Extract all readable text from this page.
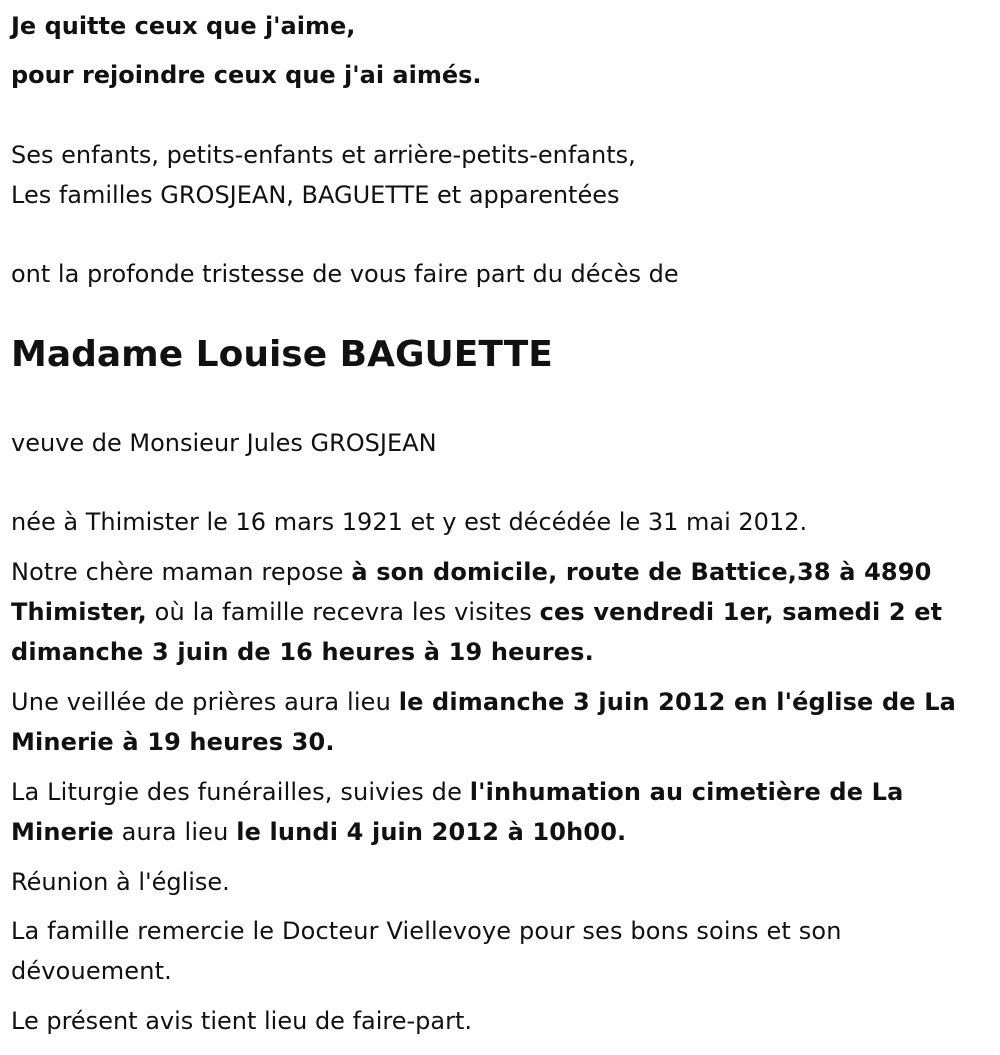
Je quitte ceux que j'aime,
pour rejoindre ceux que j'ai aimés.
Ses enfants, petits-enfants et arrière-petits-enfants,
Les familles GROSJEAN, BAGUETTE et apparentées
ont la profonde tristesse de vous faire part du décès de
Madame Louise BAGUETTE
veuve de Monsieur Jules GROSJEAN
née à Thimister le 16 mars 1921 et y est décédée le 31 mai 2012.
Notre chère maman repose à son domicile, route de Battice,38 à 4890 Thimister, où la famille recevra les visites ces vendredi 1er, samedi 2 et dimanche 3 juin de 16 heures à 19 heures.
Une veillée de prières aura lieu le dimanche 3 juin 2012 en l'église de La Minerie à 19 heures 30.
La Liturgie des funérailles, suivies de l'inhumation au cimetière de La Minerie aura lieu le lundi 4 juin 2012 à 10h00.
Réunion à l'église.
La famille remercie le Docteur Viellevoye pour ses bons soins et son dévouement.
Le présent avis tient lieu de faire-part.
